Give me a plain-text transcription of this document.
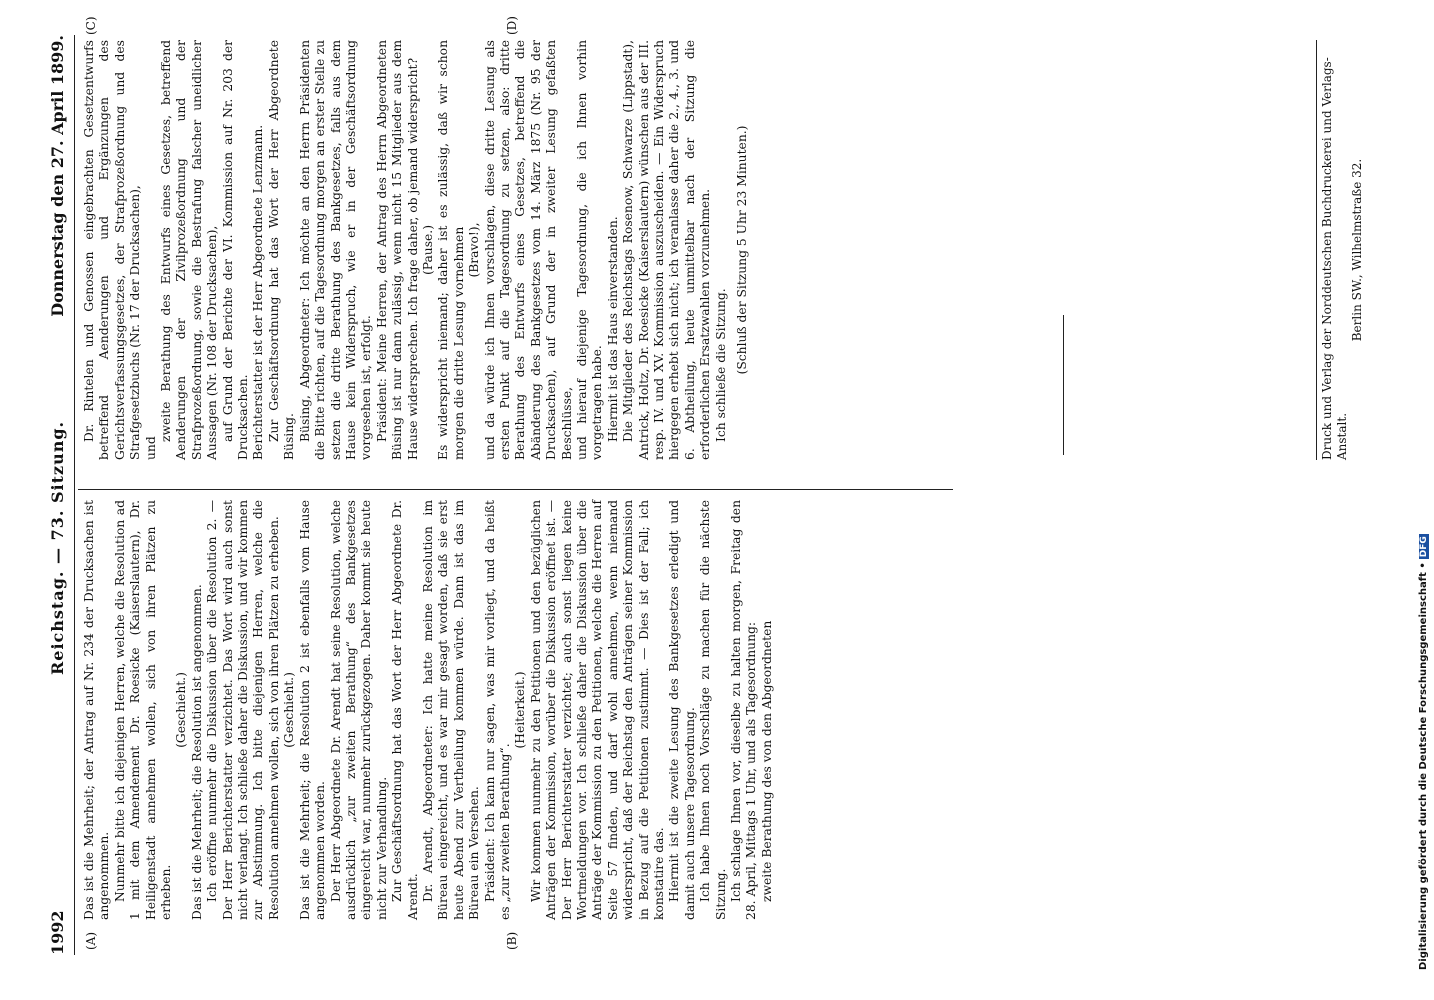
1992
Reichstag. — 73. Sitzung.
Donnerstag den 27. April 1899.
(A)	(B)
(C)	(D)

Das ist die Mehrheit; der Antrag auf Nr. 234 der Drucksachen ist angenommen. Nunmehr bitte ich diejenigen Herren, welche die Resolution ad 1 mit dem Amendement Dr. Roesicke (Kaiserslautern), Dr. Heiligenstadt annehmen wollen, sich von ihren Plätzen zu erheben.

(Geschieht.) Das ist die Mehrheit; die Resolution ist angenommen. Ich eröffne nunmehr die Diskussion über die Resolution 2. — Der Herr Berichterstatter verzichtet. Das Wort wird auch sonst nicht verlangt. Ich schließe daher die Diskussion, und wir kommen zur Abstimmung. Ich bitte diejenigen Herren, welche die Resolution annehmen wollen, sich von ihren Plätzen zu erheben. (Geschieht.) Das ist die Mehrheit; die Resolution 2 ist ebenfalls vom Hause angenommen worden. Der Herr Abgeordnete Dr. Arendt hat seine Resolution, welche ausdrücklich „zur zweiten Berathung“ des Bankgesetzes eingereicht war, nunmehr zurückgezogen. Daher kommt sie heute nicht zur Verhandlung. Zur Geschäftsordnung hat das Wort der Herr Abgeordnete Dr. Arendt. Dr. Arendt, Abgeordneter: Ich hatte meine Resolution im Büreau eingereicht, und es war mir gesagt worden, daß sie erst heute Abend zur Vertheilung kommen würde. Dann ist das im Büreau ein Versehen. Präsident: Ich kann nur sagen, was mir vorliegt, und da heißt es „zur zweiten Berathung“.

(Heiterkeit.) Wir kommen nunmehr zu den Petitionen und den bezüglichen Anträgen der Kommission, worüber die Diskussion eröffnet ist. — Der Herr Berichterstatter verzichtet; auch sonst liegen keine Wortmeldungen vor. Ich schließe daher die Diskussion über die Anträge der Kommission zu den Petitionen, welche die Herren auf Seite 57 finden, und darf wohl annehmen, wenn niemand widerspricht, daß der Reichstag den Anträgen seiner Kommission in Bezug auf die Petitionen zustimmt. — Dies ist der Fall; ich konstatire das. Hiermit ist die zweite Lesung des Bankgesetzes erledigt und damit auch unsere Tagesordnung. Ich habe Ihnen noch Vorschläge zu machen für die nächste Sitzung. Ich schlage Ihnen vor, dieselbe zu halten morgen, Freitag den 28. April, Mittags 1 Uhr, und als Tagesordnung: zweite Berathung des von den Abgeordneten

Dr. Rintelen und Genossen eingebrachten Gesetzentwurfs betreffend Aenderungen und Ergänzungen des Gerichtsverfassungsgesetzes, der Strafprozeßordnung und des Strafgesetzbuchs (Nr. 17 der Drucksachen), und

zweite Berathung des Entwurfs eines Gesetzes, betreffend Aenderungen der Zivilprozeßordnung und der Strafprozeßordnung, sowie die Bestrafung falscher uneidlicher Aussagen (Nr. 108 der Drucksachen), auf Grund der Berichte der VI. Kommission auf Nr. 203 der Drucksachen. Berichterstatter ist der Herr Abgeordnete Lenzmann. Zur Geschäftsordnung hat das Wort der Herr Abgeordnete Büsing. Büsing, Abgeordneter: Ich möchte an den Herrn Präsidenten die Bitte richten, auf die Tagesordnung morgen an erster Stelle zu setzen die dritte Berathung des Bankgesetzes, falls aus dem Hause kein Widerspruch, wie er in der Geschäftsordnung vorgesehen ist, erfolgt. Präsident: Meine Herren, der Antrag des Herrn Abgeordneten Büsing ist nur dann zulässig, wenn nicht 15 Mitglieder aus dem Hause widersprechen. Ich frage daher, ob jemand widerspricht? (Pause.) Es widerspricht niemand; daher ist es zulässig, daß wir schon morgen die dritte Lesung vornehmen (Bravo!), und da würde ich Ihnen vorschlagen, diese dritte Lesung als ersten Punkt auf die Tagesordnung zu setzen, also: dritte Berathung des Entwurfs eines Gesetzes, betreffend die Abänderung des Bankgesetzes vom 14. März 1875 (Nr. 95 der Drucksachen), auf Grund der in zweiter Lesung gefaßten Beschlüsse, und hierauf diejenige Tagesordnung, die ich Ihnen vorhin vorgetragen habe. Hiermit ist das Haus einverstanden. Die Mitglieder des Reichstags Rosenow, Schwarze (Lippstadt), Antrick, Holtz, Dr. Roesicke (Kaiserslautern) wünschen aus der III. resp. IV. und XV. Kommission auszuscheiden. — Ein Widerspruch hiergegen erhebt sich nicht; ich veranlasse daher die 2., 4., 3. und 6. Abtheilung, heute unmittelbar nach der Sitzung die erforderlichen Ersatzwahlen vorzunehmen. Ich schließe die Sitzung. (Schluß der Sitzung 5 Uhr 23 Minuten.)	Druck und Verlag der Norddeutschen Buchdruckerei und Verlags-Anstalt.
Berlin SW., Wilhelmstraße 32.
Digitalisierung gefördert durch die Deutsche Forschungsgemeinschaft •DFG
